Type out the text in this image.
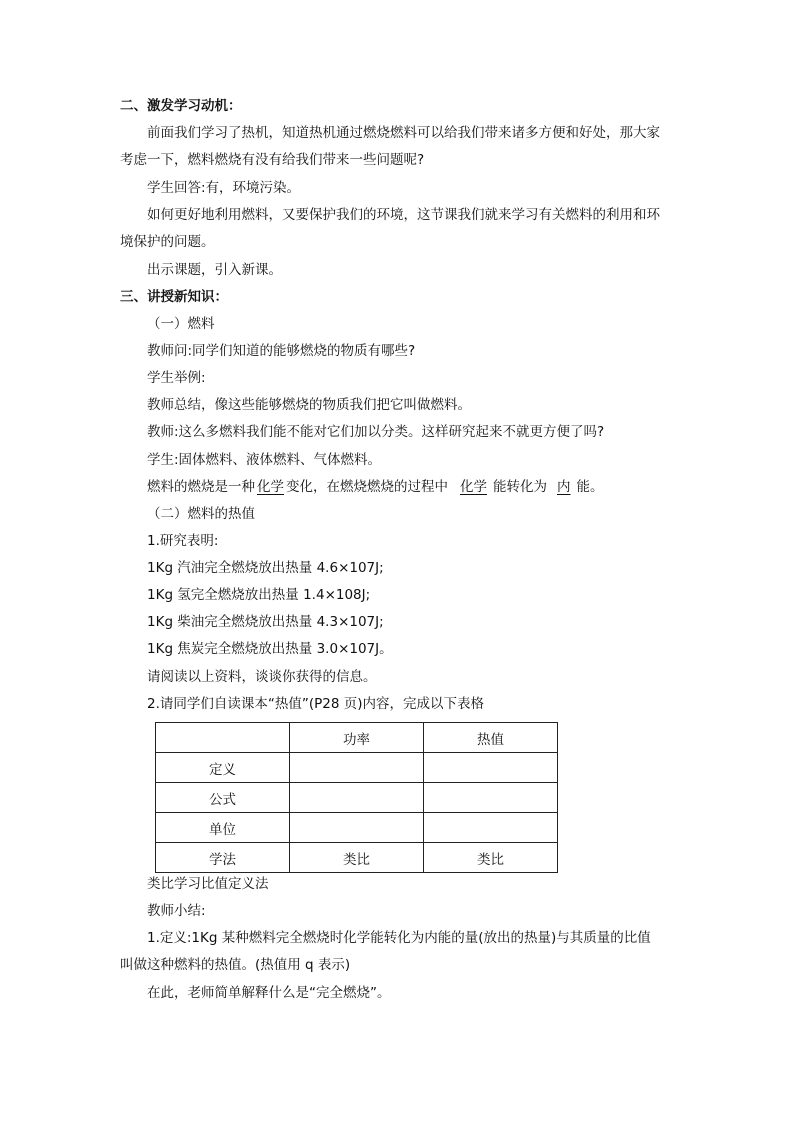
二、激发学习动机：
前面我们学习了热机，知道热机通过燃烧燃料可以给我们带来诸多方便和好处，那大家
考虑一下，燃料燃烧有没有给我们带来一些问题呢?
学生回答:有，环境污染。
如何更好地利用燃料，又要保护我们的环境，这节课我们就来学习有关燃料的利用和环
境保护的问题。
出示课题，引入新课。
三、讲授新知识：
（一）燃料
教师问:同学们知道的能够燃烧的物质有哪些?
学生举例:
教师总结，像这些能够燃烧的物质我们把它叫做燃料。
教师:这么多燃料我们能不能对它们加以分类。这样研究起来不就更方便了吗?
学生:固体燃料、液体燃料、气体燃料。
燃料的燃烧是一种 化学 变化，在燃烧燃烧的过程中 化学 能转化为 内 能。
（二）燃料的热值
1.研究表明:
1Kg 汽油完全燃烧放出热量 4.6×107J;
1Kg 氢完全燃烧放出热量 1.4×108J;
1Kg 柴油完全燃烧放出热量 4.3×107J;
1Kg 焦炭完全燃烧放出热量 3.0×107J。
请阅读以上资料，谈谈你获得的信息。
2.请同学们自读课本“热值”(P28 页)内容，完成以下表格
	功率	热值
定义		
公式		
单位		
学法	类比	类比
类比学习比值定义法
教师小结:
1.定义:1Kg 某种燃料完全燃烧时化学能转化为内能的量(放出的热量)与其质量的比值
叫做这种燃料的热值。(热值用 q 表示)
在此，老师简单解释什么是“完全燃烧”。
